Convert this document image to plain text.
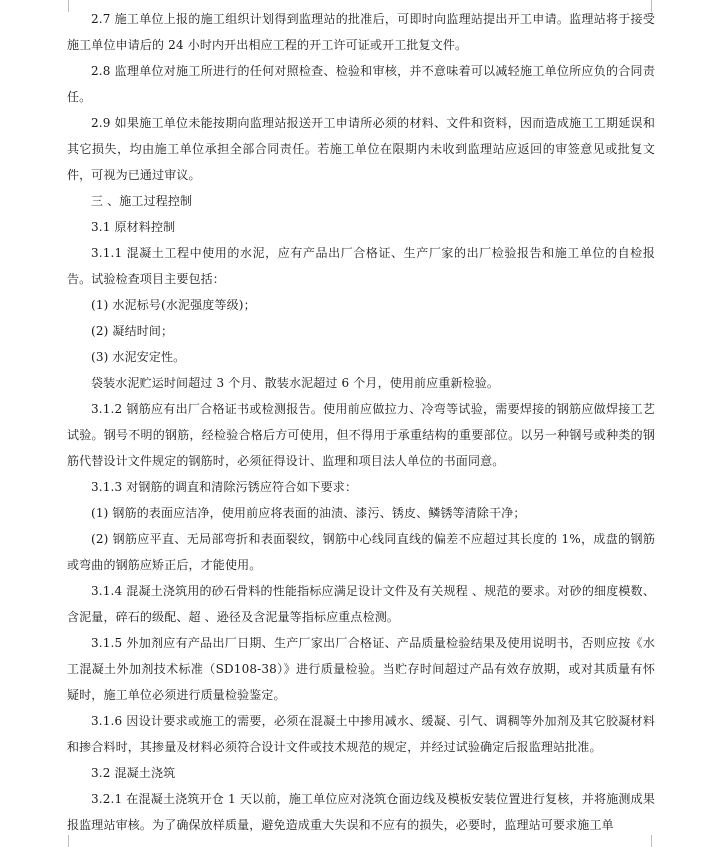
2.7 施工单位上报的施工组织计划得到监理站的批准后，可即时向监理站提出开工申请。监理站将于接受施工单位申请后的 24 小时内开出相应工程的开工许可证或开工批复文件。

2.8 监理单位对施工所进行的任何对照检查、检验和审核，并不意味着可以减轻施工单位所应负的合同责任。

2.9 如果施工单位未能按期向监理站报送开工申请所必须的材料、文件和资料，因而造成施工工期延误和其它损失，均由施工单位承担全部合同责任。若施工单位在限期内未收到监理站应返回的审签意见或批复文件，可视为已通过审议。

三 、施工过程控制

3.1 原材料控制

3.1.1 混凝土工程中使用的水泥，应有产品出厂合格证、生产厂家的出厂检验报告和施工单位的自检报告。试验检查项目主要包括：

(1) 水泥标号(水泥强度等级)；

(2) 凝结时间；

(3) 水泥安定性。

袋装水泥贮运时间超过 3 个月、散装水泥超过 6 个月，使用前应重新检验。

3.1.2 钢筋应有出厂合格证书或检测报告。使用前应做拉力、冷弯等试验，需要焊接的钢筋应做焊接工艺试验。钢号不明的钢筋，经检验合格后方可使用，但不得用于承重结构的重要部位。以另一种钢号或种类的钢筋代替设计文件规定的钢筋时，必须征得设计、监理和项目法人单位的书面同意。

3.1.3 对钢筋的调直和清除污锈应符合如下要求：

(1) 钢筋的表面应洁净，使用前应将表面的油渍、漆污、锈皮、鳞锈等清除干净；

(2) 钢筋应平直、无局部弯折和表面裂纹，钢筋中心线同直线的偏差不应超过其长度的 1%，成盘的钢筋或弯曲的钢筋应矫正后，才能使用。

3.1.4 混凝土浇筑用的砂石骨料的性能指标应满足设计文件及有关规程 、规范的要求。对砂的细度模数、含泥量，碎石的级配、超 、逊径及含泥量等指标应重点检测。

3.1.5 外加剂应有产品出厂日期、生产厂家出厂合格证、产品质量检验结果及使用说明书，否则应按《水工混凝土外加剂技术标准（SD108-38）》进行质量检验。当贮存时间超过产品有效存放期，或对其质量有怀疑时，施工单位必须进行质量检验鉴定。

3.1.6 因设计要求或施工的需要，必须在混凝土中掺用减水、缓凝、引气、调稠等外加剂及其它胶凝材料和掺合料时，其掺量及材料必须符合设计文件或技术规范的规定，并经过试验确定后报监理站批准。

3.2 混凝土浇筑

3.2.1 在混凝土浇筑开仓 1 天以前，施工单位应对浇筑仓面边线及模板安装位置进行复核，并将施测成果报监理站审核。为了确保放样质量，避免造成重大失误和不应有的损失，必要时，监理站可要求施工单
